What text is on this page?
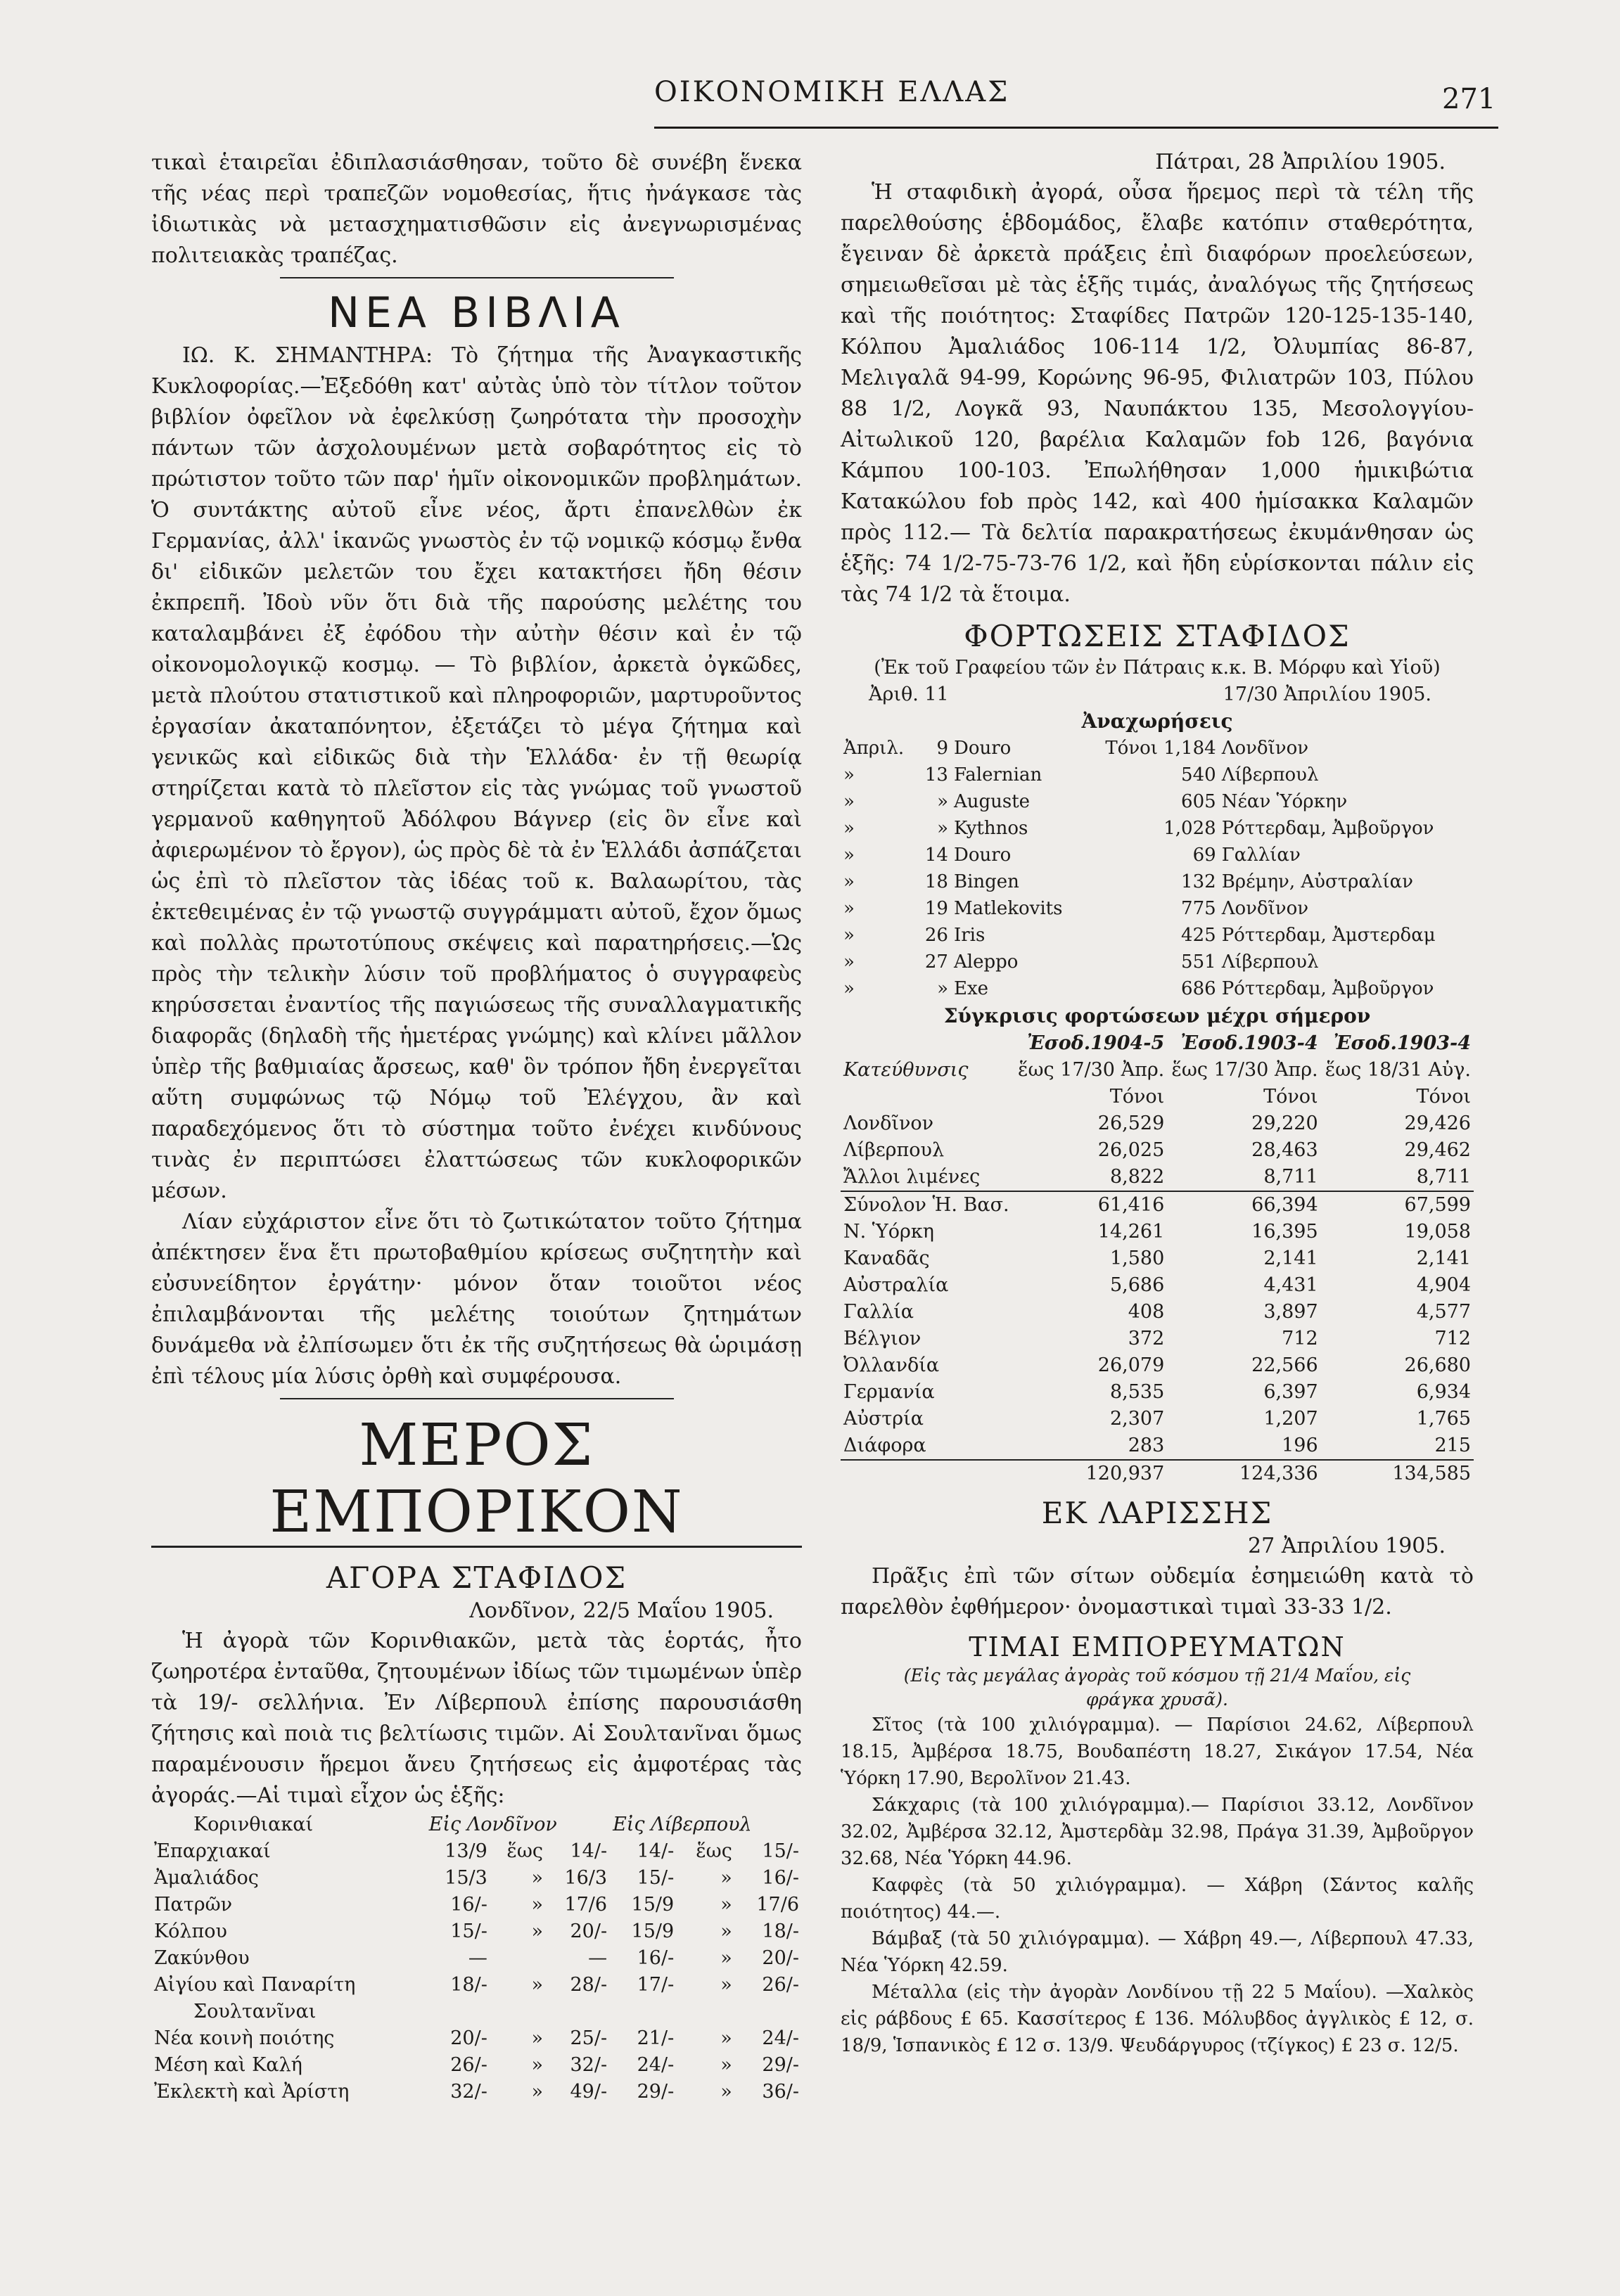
ΟΙΚΟΝΟΜΙΚΗ ΕΛΛΑΣ	271

τικαὶ ἑταιρεῖαι ἐδιπλασιάσθησαν, τοῦτο δὲ συνέβη ἕνεκα τῆς νέας περὶ τραπεζῶν νομοθεσίας, ἥτις ἠνάγκασε τὰς ἰδιωτικὰς νὰ μετασχηματισθῶσιν εἰς ἀνεγνωρισμένας πολιτειακὰς τραπέζας.

ΝΕΑ ΒΙΒΛΙΑ

ΙΩ. Κ. ΣΗΜΑΝΤΗΡΑ: Τὸ ζήτημα τῆς Ἀναγκαστικῆς Κυκλοφορίας.—Ἐξεδόθη κατ' αὐτὰς ὑπὸ τὸν τίτλον τοῦτον βιβλίον ὀφεῖλον νὰ ἐφελκύσῃ ζωηρότατα τὴν προσοχὴν πάντων τῶν ἀσχολουμένων μετὰ σοβαρότητος εἰς τὸ πρώτιστον τοῦτο τῶν παρ' ἡμῖν οἰκονομικῶν προβλημάτων. Ὁ συντάκτης αὐτοῦ εἶνε νέος, ἄρτι ἐπανελθὼν ἐκ Γερμανίας, ἀλλ' ἱκανῶς γνωστὸς ἐν τῷ νομικῷ κόσμῳ ἔνθα δι' εἰδικῶν μελετῶν του ἔχει κατακτήσει ἤδη θέσιν ἐκπρεπῆ. Ἰδοὺ νῦν ὅτι διὰ τῆς παρούσης μελέτης του καταλαμβάνει ἐξ ἐφόδου τὴν αὐτὴν θέσιν καὶ ἐν τῷ οἰκονομολογικῷ κοσμῳ. — Τὸ βιβλίον, ἀρκετὰ ὀγκῶδες, μετὰ πλούτου στατιστικοῦ καὶ πληροφοριῶν, μαρτυροῦντος ἐργασίαν ἀκαταπόνητον, ἐξετάζει τὸ μέγα ζήτημα καὶ γενικῶς καὶ εἰδικῶς διὰ τὴν Ἑλλάδα· ἐν τῇ θεωρίᾳ στηρίζεται κατὰ τὸ πλεῖστον εἰς τὰς γνώμας τοῦ γνωστοῦ γερμανοῦ καθηγητοῦ Ἀδόλφου Βάγνερ (εἰς ὃν εἶνε καὶ ἀφιερωμένον τὸ ἔργον), ὡς πρὸς δὲ τὰ ἐν Ἑλλάδι ἀσπάζεται ὡς ἐπὶ τὸ πλεῖστον τὰς ἰδέας τοῦ κ. Βαλαωρίτου, τὰς ἐκτεθειμένας ἐν τῷ γνωστῷ συγγράμματι αὐτοῦ, ἔχον ὅμως καὶ πολλὰς πρωτοτύπους σκέψεις καὶ παρατηρήσεις.—Ὡς πρὸς τὴν τελικὴν λύσιν τοῦ προβλήματος ὁ συγγραφεὺς κηρύσσεται ἐναντίος τῆς παγιώσεως τῆς συναλλαγματικῆς διαφορᾶς (δηλαδὴ τῆς ἡμετέρας γνώμης) καὶ κλίνει μᾶλλον ὑπὲρ τῆς βαθμιαίας ἄρσεως, καθ' ὃν τρόπον ἤδη ἐνεργεῖται αὕτη συμφώνως τῷ Νόμῳ τοῦ Ἐλέγχου, ἂν καὶ παραδεχόμενος ὅτι τὸ σύστημα τοῦτο ἐνέχει κινδύνους τινὰς ἐν περιπτώσει ἐλαττώσεως τῶν κυκλοφορικῶν μέσων.

Λίαν εὐχάριστον εἶνε ὅτι τὸ ζωτικώτατον τοῦτο ζήτημα ἀπέκτησεν ἕνα ἔτι πρωτοβαθμίου κρίσεως συζητητὴν καὶ εὐσυνείδητον ἐργάτην· μόνον ὅταν τοιοῦτοι νέος ἐπιλαμβάνονται τῆς μελέτης τοιούτων ζητημάτων δυνάμεθα νὰ ἐλπίσωμεν ὅτι ἐκ τῆς συζητήσεως θὰ ὡριμάσῃ ἐπὶ τέλους μία λύσις ὀρθὴ καὶ συμφέρουσα.

ΜΕΡΟΣ ΕΜΠΟΡΙΚΟΝ
ΑΓΟΡΑ ΣΤΑΦΙΔΟΣ
Λονδῖνον, 22/5 Μαΐου 1905.

Ἡ ἀγορὰ τῶν Κορινθιακῶν, μετὰ τὰς ἑορτάς, ἦτο ζωηροτέρα ἐνταῦθα, ζητουμένων ἰδίως τῶν τιμωμένων ὑπὲρ τὰ 19/- σελλήνια. Ἐν Λίβερπουλ ἐπίσης παρουσιάσθη ζήτησις καὶ ποιὰ τις βελτίωσις τιμῶν. Αἱ Σουλτανῖναι ὅμως παραμένουσιν ἥρεμοι ἄνευ ζητήσεως εἰς ἀμφοτέρας τὰς ἀγοράς.—Αἱ τιμαὶ εἶχον ὡς ἑξῆς:

Κορινθιακαί	Εἰς Λονδῖνον			Εἰς Λίβερπουλ		
Ἐπαρχιακαί	13/9	ἕως	14/-	14/-	ἕως	15/-
Ἀμαλιάδος	15/3	»	16/3	15/-	»	16/-
Πατρῶν	16/-	»	17/6	15/9	»	17/6
Κόλπου	15/-	»	20/-	15/9	»	18/-
Ζακύνθου	—		—	16/-	»	20/-
Αἰγίου καὶ Παναρίτη	18/-	»	28/-	17/-	»	26/-
Σουλτανῖναι						
Νέα κοινὴ ποιότης	20/-	»	25/-	21/-	»	24/-
Μέση καὶ Καλή	26/-	»	32/-	24/-	»	29/-
Ἐκλεκτὴ καὶ Ἀρίστη	32/-	»	49/-	29/-	»	36/-
Πάτραι, 28 Ἀπριλίου 1905.

Ἡ σταφιδικὴ ἀγορά, οὖσα ἥρεμος περὶ τὰ τέλη τῆς παρελθούσης ἑβδομάδος, ἔλαβε κατόπιν σταθερότητα, ἔγειναν δὲ ἀρκετὰ πράξεις ἐπὶ διαφόρων προελεύσεων, σημειωθεῖσαι μὲ τὰς ἑξῆς τιμάς, ἀναλόγως τῆς ζητήσεως καὶ τῆς ποιότητος: Σταφίδες Πατρῶν 120-125-135-140, Κόλπου Ἀμαλιάδος 106-114 1/2, Ὀλυμπίας 86-87, Μελιγαλᾶ 94-99, Κορώνης 96-95, Φιλιατρῶν 103, Πύλου 88 1/2, Λογκᾶ 93, Ναυπάκτου 135, Μεσολογγίου-Αἰτωλικοῦ 120, βαρέλια Καλαμῶν fob 126, βαγόνια Κάμπου 100-103. Ἐπωλήθησαν 1,000 ἡμικιβώτια Κατακώλου fob πρὸς 142, καὶ 400 ἡμίσακκα Καλαμῶν πρὸς 112.— Τὰ δελτία παρακρατήσεως ἐκυμάνθησαν ὡς ἑξῆς: 74 1/2-75-73-76 1/2, καὶ ἤδη εὑρίσκονται πάλιν εἰς τὰς 74 1/2 τὰ ἕτοιμα.

ΦΟΡΤΩΣΕΙΣ ΣΤΑΦΙΔΟΣ
(Ἐκ τοῦ Γραφείου τῶν ἐν Πάτραις κ.κ. Β. Μόρφυ καὶ Υἱοῦ)
Ἀριθ. 11	17/30 Ἀπριλίου 1905.
Ἀναχωρήσεις
Ἀπριλ.	9	Douro	Τόνοι 1,184	Λονδῖνον
»	13	Falernian	540	Λίβερπουλ
»	»	Auguste	605	Νέαν Ὑόρκην
»	»	Kythnos	1,028	Ρόττερδαμ, Ἀμβοῦργον
»	14	Douro	69	Γαλλίαν
»	18	Bingen	132	Βρέμην, Αὐστραλίαν
»	19	Matlekovits	775	Λονδῖνον
»	26	Iris	425	Ρόττερδαμ, Ἀμστερδαμ
»	27	Aleppo	551	Λίβερπουλ
»	»	Exe	686	Ρόττερδαμ, Ἀμβοῦργον
Σύγκρισις φορτώσεων μέχρι σήμερον
	Ἐσοδ.1904-5	Ἐσοδ.1903-4	Ἐσοδ.1903-4
Κατεύθυνσις	ἕως 17/30 Ἀπρ.	ἕως 17/30 Ἀπρ.	ἕως 18/31 Αὐγ.
	Τόνοι	Τόνοι	Τόνοι
Λονδῖνον	26,529	29,220	29,426
Λίβερπουλ	26,025	28,463	29,462
Ἄλλοι λιμένες	8,822	8,711	8,711
Σύνολον Ἡ. Βασ.	61,416	66,394	67,599
Ν. Ὑόρκη	14,261	16,395	19,058
Καναδᾶς	1,580	2,141	2,141
Αὐστραλία	5,686	4,431	4,904
Γαλλία	408	3,897	4,577
Βέλγιον	372	712	712
Ὀλλανδία	26,079	22,566	26,680
Γερμανία	8,535	6,397	6,934
Αὐστρία	2,307	1,207	1,765
Διάφορα	283	196	215
	120,937	124,336	134,585
ΕΚ ΛΑΡΙΣΣΗΣ
27 Ἀπριλίου 1905.

Πρᾶξις ἐπὶ τῶν σίτων οὐδεμία ἐσημειώθη κατὰ τὸ παρελθὸν ἐφθήμερον· ὀνομαστικαὶ τιμαὶ 33-33 1/2.

ΤΙΜΑΙ ΕΜΠΟΡΕΥΜΑΤΩΝ
(Εἰς τὰς μεγάλας ἀγορὰς τοῦ κόσμου τῇ 21/4 Μαΐου, εἰς φράγκα χρυσᾶ).

Σῖτος (τὰ 100 χιλιόγραμμα). — Παρίσιοι 24.62, Λίβερπουλ 18.15, Ἀμβέρσα 18.75, Βουδαπέστη 18.27, Σικάγον 17.54, Νέα Ὑόρκη 17.90, Βερολῖνον 21.43.

Σάκχαρις (τὰ 100 χιλιόγραμμα).— Παρίσιοι 33.12, Λονδῖνον 32.02, Ἀμβέρσα 32.12, Ἀμστερδὰμ 32.98, Πράγα 31.39, Ἀμβοῦργον 32.68, Νέα Ὑόρκη 44.96.

Καφφὲς (τὰ 50 χιλιόγραμμα). — Χάβρη (Σάντος καλῆς ποιότητος) 44.—.

Βάμβαξ (τὰ 50 χιλιόγραμμα). — Χάβρη 49.—, Λίβερπουλ 47.33, Νέα Ὑόρκη 42.59.

Μέταλλα (εἰς τὴν ἀγορὰν Λονδίνου τῇ 22 5 Μαΐου). —Χαλκὸς εἰς ράβδους £ 65. Κασσίτερος £ 136. Μόλυβδος ἀγγλικὸς £ 12, σ. 18/9, Ἱσπανικὸς £ 12 σ. 13/9. Ψευδάργυρος (τζίγκος) £ 23 σ. 12/5.
